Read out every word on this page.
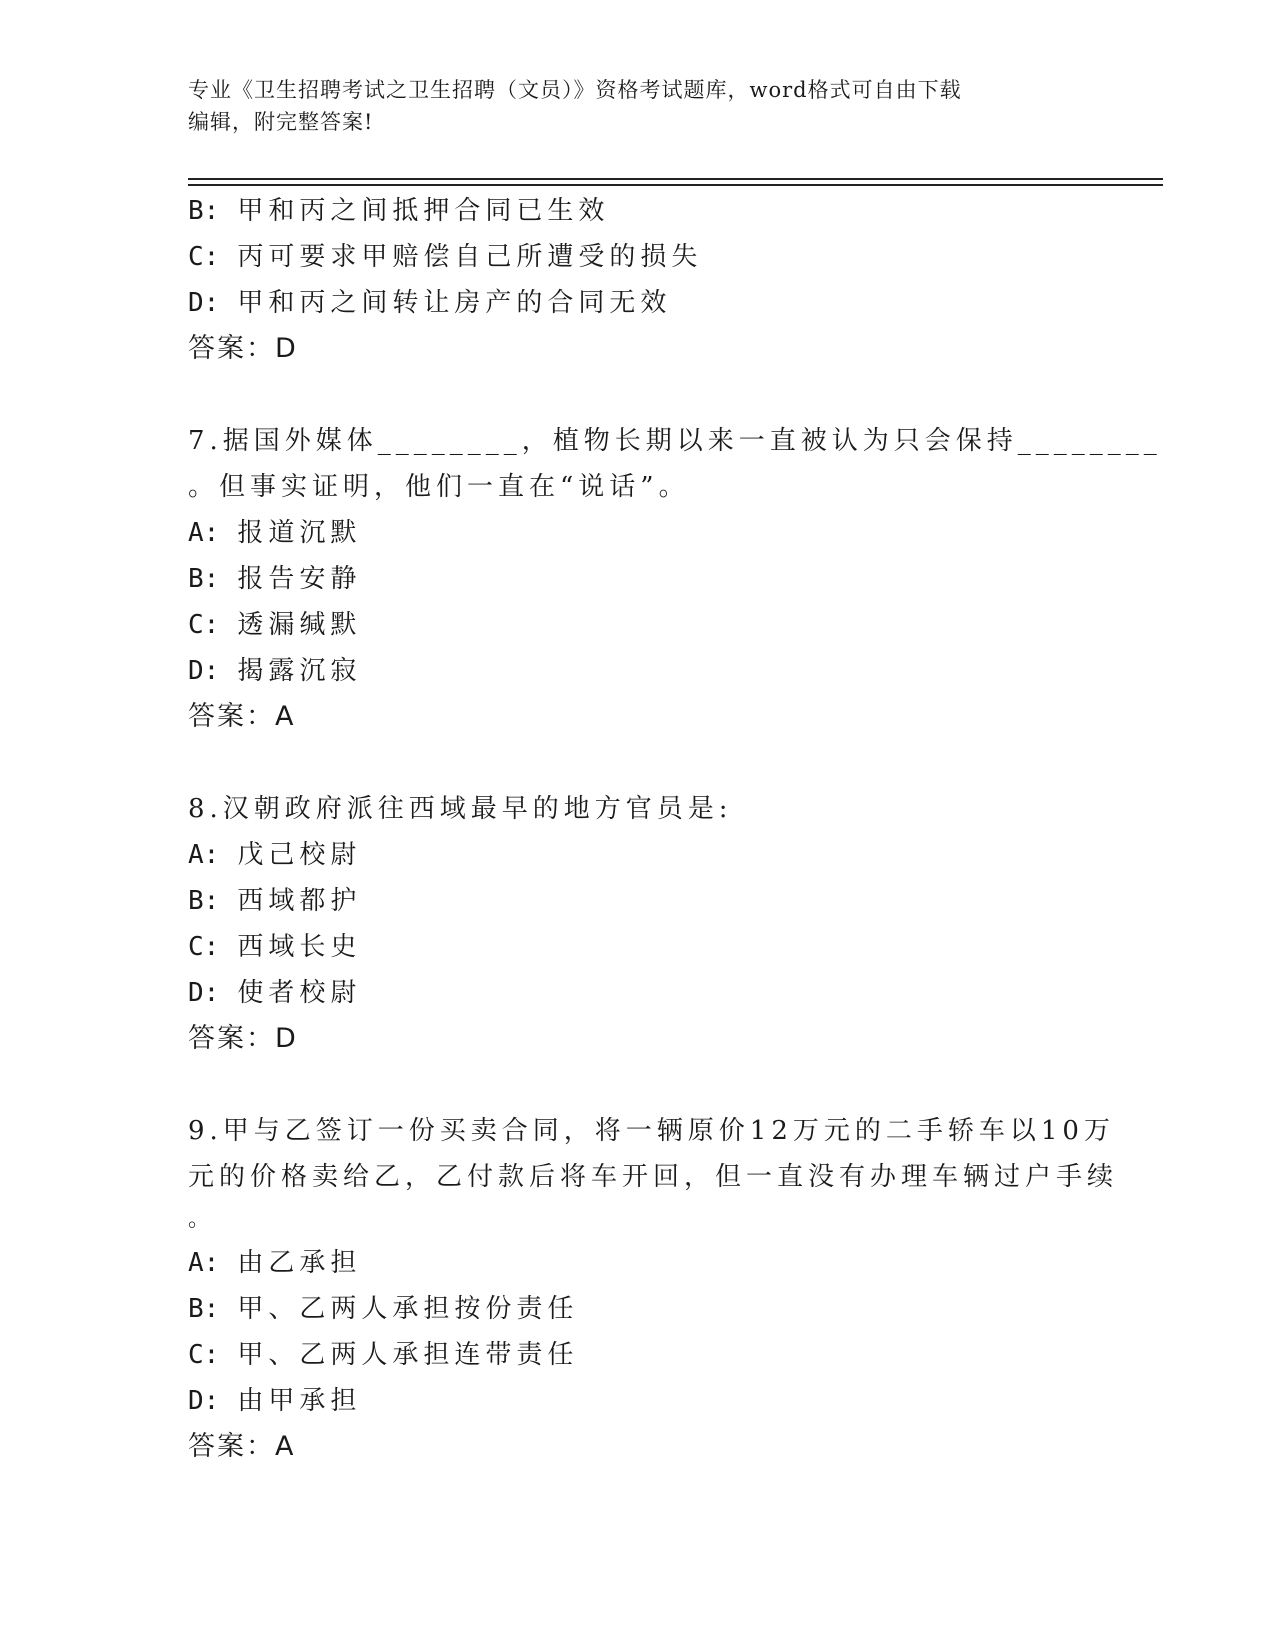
专业《卫生招聘考试之卫生招聘（文员）》资格考试题库，word格式可自由下载
编辑，附完整答案!
B: 甲和丙之间抵押合同已生效
C: 丙可要求甲赔偿自己所遭受的损失
D: 甲和丙之间转让房产的合同无效
答案：D
7.据国外媒体________，植物长期以来一直被认为只会保持________
。但事实证明，他们一直在“说话”。
A: 报道沉默
B: 报告安静
C: 透漏缄默
D: 揭露沉寂
答案：A
8.汉朝政府派往西域最早的地方官员是:
A: 戊己校尉
B: 西域都护
C: 西域长史
D: 使者校尉
答案：D
9.甲与乙签订一份买卖合同，将一辆原价12万元的二手轿车以10万
元的价格卖给乙，乙付款后将车开回，但一直没有办理车辆过户手续
。
A: 由乙承担
B: 甲、乙两人承担按份责任
C: 甲、乙两人承担连带责任
D: 由甲承担
答案：A
